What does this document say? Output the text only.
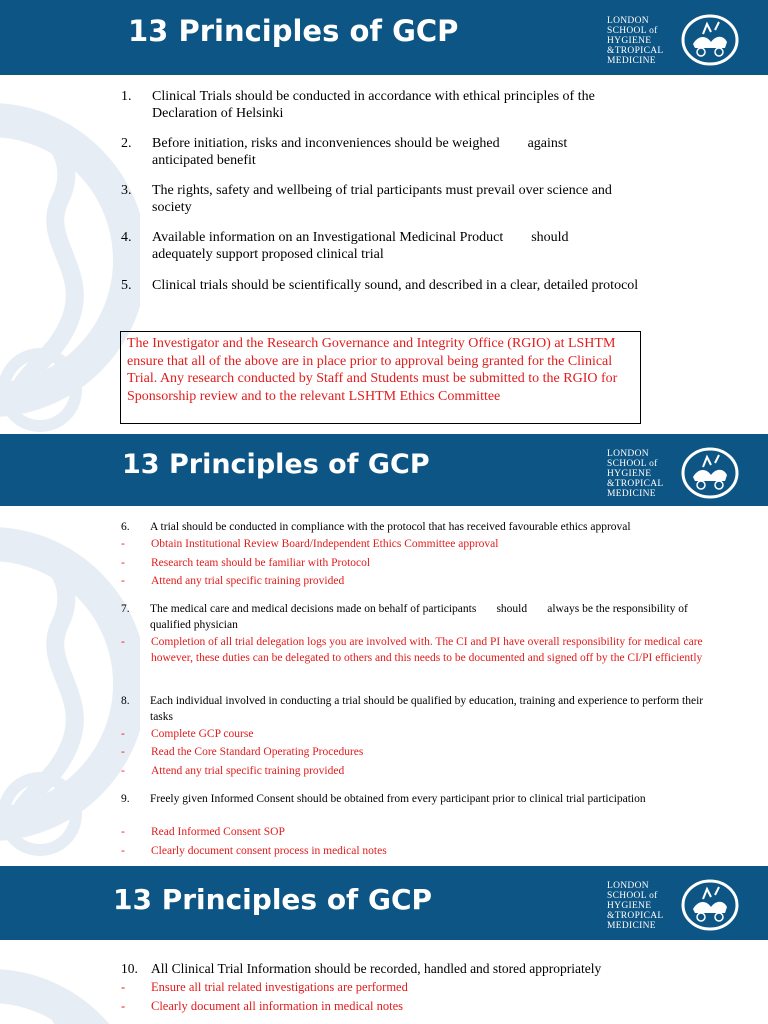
13 Principles of GCP	LONDON
SCHOOL of
HYGIENE
&TROPICAL
MEDICINE
1. Clinical Trials should be conducted in accordance with ethical principles of the Declaration of Helsinki
2. Before initiation, risks and inconveniences should be weighed        against anticipated benefit
3. The rights, safety and wellbeing of trial participants must prevail over science and society
4. Available information on an Investigational Medicinal Product        should adequately support proposed clinical trial
5. Clinical trials should be scientifically sound, and described in a clear, detailed protocol
The Investigator and the Research Governance and Integrity Office (RGIO) at LSHTM ensure that all of the above are in place prior to approval being granted for the Clinical Trial. Any research conducted by Staff and Students must be submitted to the RGIO for Sponsorship review and to the relevant LSHTM Ethics Committee
13 Principles of GCP	LONDON
SCHOOL of
HYGIENE
&TROPICAL
MEDICINE
6. A trial should be conducted in compliance with the protocol that has received favourable ethics approval
- Obtain Institutional Review Board/Independent Ethics Committee approval
- Research team should be familiar with Protocol
- Attend any trial specific training provided
7. The medical care and medical decisions made on behalf of participants       should       always be the responsibility of qualified physician
- Completion of all trial delegation logs you are involved with. The CI and PI have overall responsibility for medical care however, these duties can be delegated to others and this needs to be documented and signed off by the CI/PI efficiently
8. Each individual involved in conducting a trial should be qualified by education, training and experience to perform their tasks
- Complete GCP course
- Read the Core Standard Operating Procedures
- Attend any trial specific training provided
9. Freely given Informed Consent should be obtained from every participant prior to clinical trial participation
- Read Informed Consent SOP
- Clearly document consent process in medical notes
13 Principles of GCP	LONDON
SCHOOL of
HYGIENE
&TROPICAL
MEDICINE
10. All Clinical Trial Information should be recorded, handled and stored appropriately
- Ensure all trial related investigations are performed
- Clearly document all information in medical notes
